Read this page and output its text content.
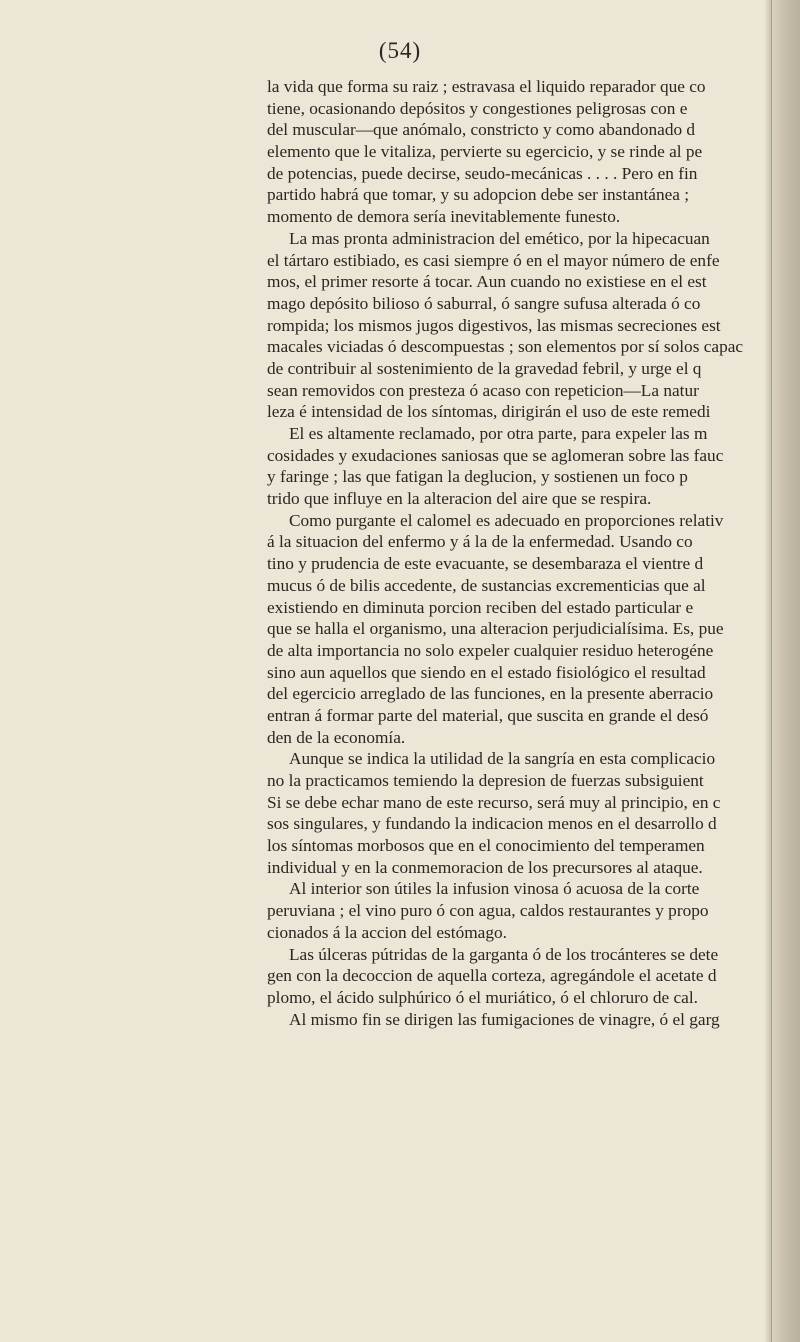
(54)
la vida que forma su raiz ; estravasa el liquido reparador que co
tiene, ocasionando depósitos y congestiones peligrosas con e
del muscular—que anómalo, constricto y como abandonado d
elemento que le vitaliza, pervierte su egercicio, y se rinde al pe
de potencias, puede decirse, seudo-mecánicas . . . . Pero en fin
partido habrá que tomar, y su adopcion debe ser instantánea ;
momento de demora sería inevitablemente funesto.
La mas pronta administracion del emético, por la hipecacuan
el tártaro estibiado, es casi siempre ó en el mayor número de enfe
mos, el primer resorte á tocar. Aun cuando no existiese en el est
mago depósito bilioso ó saburral, ó sangre sufusa alterada ó co
rompida; los mismos jugos digestivos, las mismas secreciones est
macales viciadas ó descompuestas ; son elementos por sí solos capac
de contribuir al sostenimiento de la gravedad febril, y urge el q
sean removidos con presteza ó acaso con repeticion—La natur
leza é intensidad de los síntomas, dirigirán el uso de este remedi
El es altamente reclamado, por otra parte, para expeler las m
cosidades y exudaciones saniosas que se aglomeran sobre las fauc
y faringe ; las que fatigan la deglucion, y sostienen un foco p
trido que influye en la alteracion del aire que se respira.
Como purgante el calomel es adecuado en proporciones relativ
á la situacion del enfermo y á la de la enfermedad. Usando co
tino y prudencia de este evacuante, se desembaraza el vientre d
mucus ó de bilis accedente, de sustancias excrementicias que al
existiendo en diminuta porcion reciben del estado particular e
que se halla el organismo, una alteracion perjudicialísima. Es, pue
de alta importancia no solo expeler cualquier residuo heterogéne
sino aun aquellos que siendo en el estado fisiológico el resultad
del egercicio arreglado de las funciones, en la presente aberracio
entran á formar parte del material, que suscita en grande el desó
den de la economía.
Aunque se indica la utilidad de la sangría en esta complicacio
no la practicamos temiendo la depresion de fuerzas subsiguient
Si se debe echar mano de este recurso, será muy al principio, en c
sos singulares, y fundando la indicacion menos en el desarrollo d
los síntomas morbosos que en el conocimiento del temperamen
individual y en la conmemoracion de los precursores al ataque.
Al interior son útiles la infusion vinosa ó acuosa de la corte
peruviana ; el vino puro ó con agua, caldos restaurantes y propo
cionados á la accion del estómago.
Las úlceras pútridas de la garganta ó de los trocánteres se dete
gen con la decoccion de aquella corteza, agregándole el acetate d
plomo, el ácido sulphúrico ó el muriático, ó el chloruro de cal.
Al mismo fin se dirigen las fumigaciones de vinagre, ó el garg
